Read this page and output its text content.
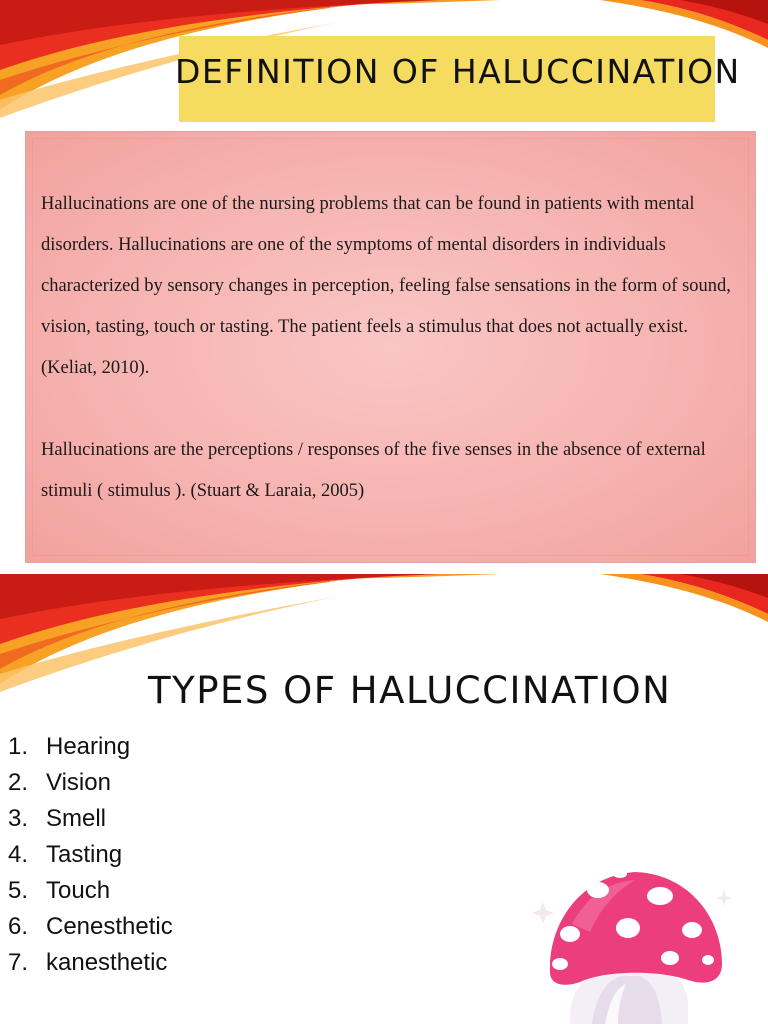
DEFINITION OF HALUCCINATION

Hallucinations are one of the nursing problems that can be found in patients with mental disorders. Hallucinations are one of the symptoms of mental disorders in individuals characterized by sensory changes in perception, feeling false sensations in the form of sound, vision, tasting, touch or tasting. The patient feels a stimulus that does not actually exist. (Keliat, 2010).

Hallucinations are the perceptions / responses of the five senses in the absence of external stimuli ( stimulus ). (Stuart & Laraia, 2005)

TYPES OF HALUCCINATION
1. Hearing
2. Vision
3. Smell
4. Tasting
5. Touch
6. Cenesthetic
7. kanesthetic
